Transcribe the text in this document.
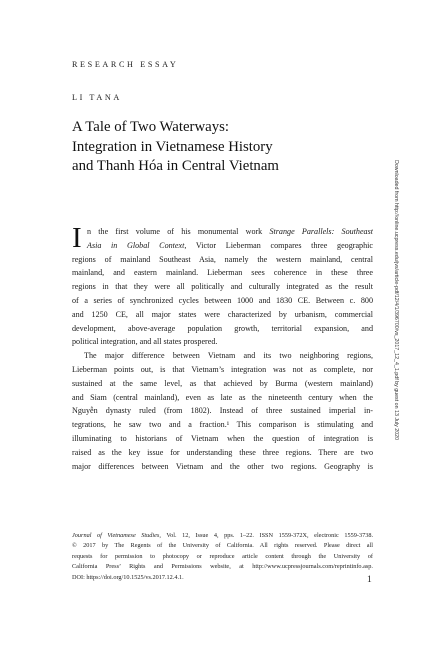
RESEARCH ESSAY
LI TANA
A Tale of Two Waterways:
Integration in Vietnamese History
and Thanh Hóa in Central Vietnam
I n the first volume of his monumental work Strange Parallels: Southeast
Asia in Global Context, Victor Lieberman compares three geographic
regions of mainland Southeast Asia, namely the western mainland, central
mainland, and eastern mainland. Lieberman sees coherence in these three
regions in that they were all politically and culturally integrated as the result
of a series of synchronized cycles between 1000 and 1830 CE. Between c. 800
and 1250 CE, all major states were characterized by urbanism, commercial
development, above-average population growth, territorial expansion, and
political integration, and all states prospered.
The major difference between Vietnam and its two neighboring regions,
Lieberman points out, is that Vietnam’s integration was not as complete, nor
sustained at the same level, as that achieved by Burma (western mainland)
and Siam (central mainland), even as late as the nineteenth century when the
Nguyễn dynasty ruled (from 1802). Instead of three sustained imperial in-
tegrations, he saw two and a fraction.¹ This comparison is stimulating and
illuminating to historians of Vietnam when the question of integration is
raised as the key issue for understanding these three regions. There are two
major differences between Vietnam and the other two regions. Geography is
Journal of Vietnamese Studies, Vol. 12, Issue 4, pps. 1–22. ISSN 1559-372X, electronic 1559-3738.
© 2017 by The Regents of the University of California. All rights reserved. Please direct all
requests for permission to photocopy or reproduce article content through the University of
California Press’ Rights and Permissions website, at http://www.ucpressjournals.com/reprintinfo.asp.
DOI: https://doi.org/10.1525/vs.2017.12.4.1.	1
Downloaded from http://online.ucpress.edu/jvs/article-pdf/12/4/1/396700/vs_2017_12_4_1.pdf by guest on 13 July 2020
